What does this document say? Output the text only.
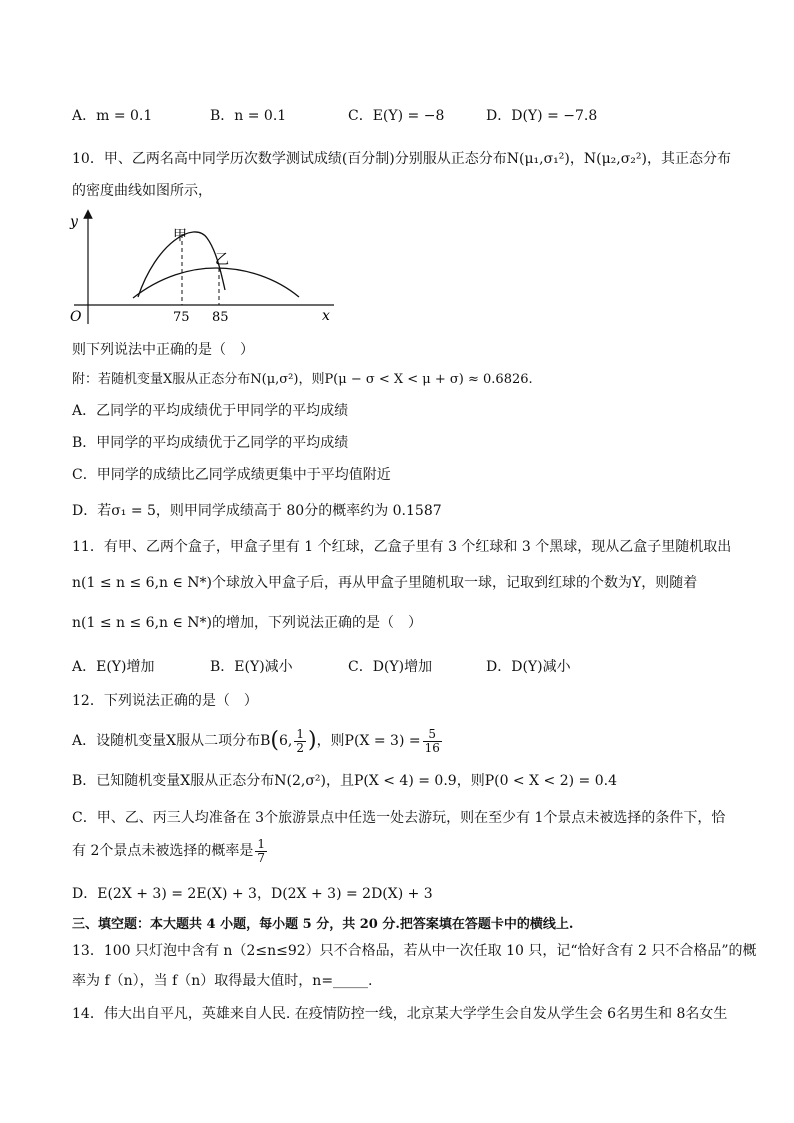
A．m = 0.1	B．n = 0.1	C．E(Y) = −8	D．D(Y) = −7.8
10．甲、乙两名高中同学历次数学测试成绩(百分制)分别服从正态分布N(μ₁,σ₁²)，N(μ₂,σ₂²)，其正态分布
的密度曲线如图所示，
y
x
O
甲
乙
75 85
则下列说法中正确的是（　）
附：若随机变量X服从正态分布N(μ,σ²)，则P(μ − σ < X < μ + σ) ≈ 0.6826.
A．乙同学的平均成绩优于甲同学的平均成绩
B．甲同学的平均成绩优于乙同学的平均成绩
C．甲同学的成绩比乙同学成绩更集中于平均值附近
D．若σ₁ = 5，则甲同学成绩高于 80分的概率约为 0.1587
11．有甲、乙两个盒子，甲盒子里有 1 个红球，乙盒子里有 3 个红球和 3 个黑球，现从乙盒子里随机取出
n(1 ≤ n ≤ 6,n ∈ N*)个球放入甲盒子后，再从甲盒子里随机取一球，记取到红球的个数为Y，则随着
n(1 ≤ n ≤ 6,n ∈ N*)的增加，下列说法正确的是（　）
A．E(Y)增加	B．E(Y)减小	C．D(Y)增加	D．D(Y)减小
12．下列说法正确的是（　）
A．设随机变量X服从二项分布B(6, $\frac{1}{2}$ )，则$P(X = 3) = \frac{5}{16}$
B．已知随机变量X服从正态分布N(2,σ²)，且P(X < 4) = 0.9，则P(0 < X < 2) = 0.4
C．甲、乙、丙三人均准备在 3个旅游景点中任选一处去游玩，则在至少有 1个景点未被选择的条件下，恰
有 2个景点未被选择的概率是 $\frac{1}{7}$
D．E(2X + 3) = 2E(X) + 3，D(2X + 3) = 2D(X) + 3
三、填空题：本大题共 4 小题，每小题 5 分，共 20 分.把答案填在答题卡中的横线上.
13．100 只灯泡中含有 n（2≤n≤92）只不合格品，若从中一次任取 10 只，记“恰好含有 2 只不合格品”的概
率为 f（n），当 f（n）取得最大值时，n=_____.
14．伟大出自平凡，英雄来自人民. 在疫情防控一线，北京某大学学生会自发从学生会 6名男生和 8名女生
